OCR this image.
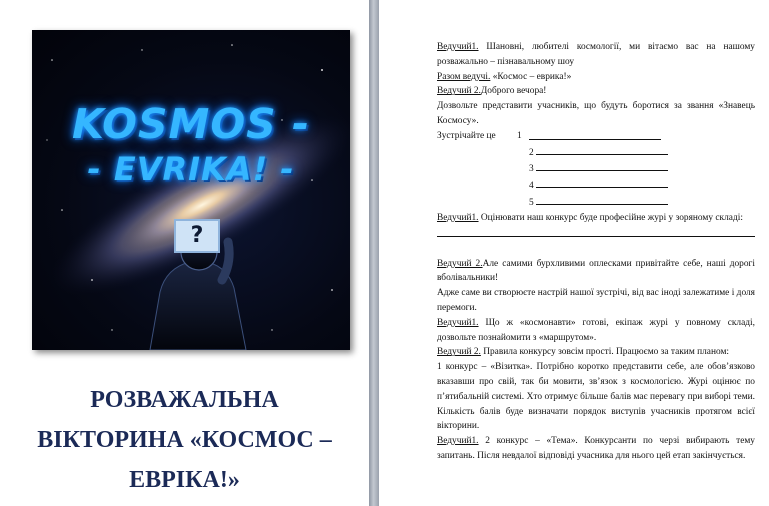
KOSMOS -
- EVRIKA! -
?
РОЗВАЖАЛЬНА
ВІКТОРИНА «КОСМОС –
ЕВРІКА!»

Ведучий1. Шановні, любителі космології, ми вітаємо вас на нашому розважально – пізнавальному шоу

Разом ведучі. «Космос – еврика!»

Ведучий 2.Доброго вечора!

Дозвольте представити учасників, що будуть боротися за звання «Знавець Космосу».

Зустрічайте це	1

2
3
4
5

Ведучий1. Оцінювати наш конкурс буде професійне журі у зоряному складі:

Ведучий 2.Але самими бурхливими оплесками привітайте себе, наші дорогі вболівальники!

Адже саме ви створюєте настрій нашої зустрічі, від вас іноді залежатиме і доля перемоги.

Ведучий1. Що ж «космонавти» готові, екіпаж журі у повному складі, дозвольте познайомити з «маршрутом».

Ведучий 2. Правила конкурсу зовсім прості. Працюємо за таким планом:

1 конкурс – «Візитка». Потрібно коротко представити себе, але обов’язково вказавши про свій, так би мовити, зв’язок з космологією. Журі оцінює по п’ятибальній системі. Хто отримує більше балів має перевагу при виборі теми. Кількість балів буде визначати порядок виступів учасників протягом всієї вікторини.

Ведучий1. 2 конкурс – «Тема». Конкурсанти по черзі вибирають тему запитань. Після невдалої відповіді учасника для нього цей етап закінчується.
